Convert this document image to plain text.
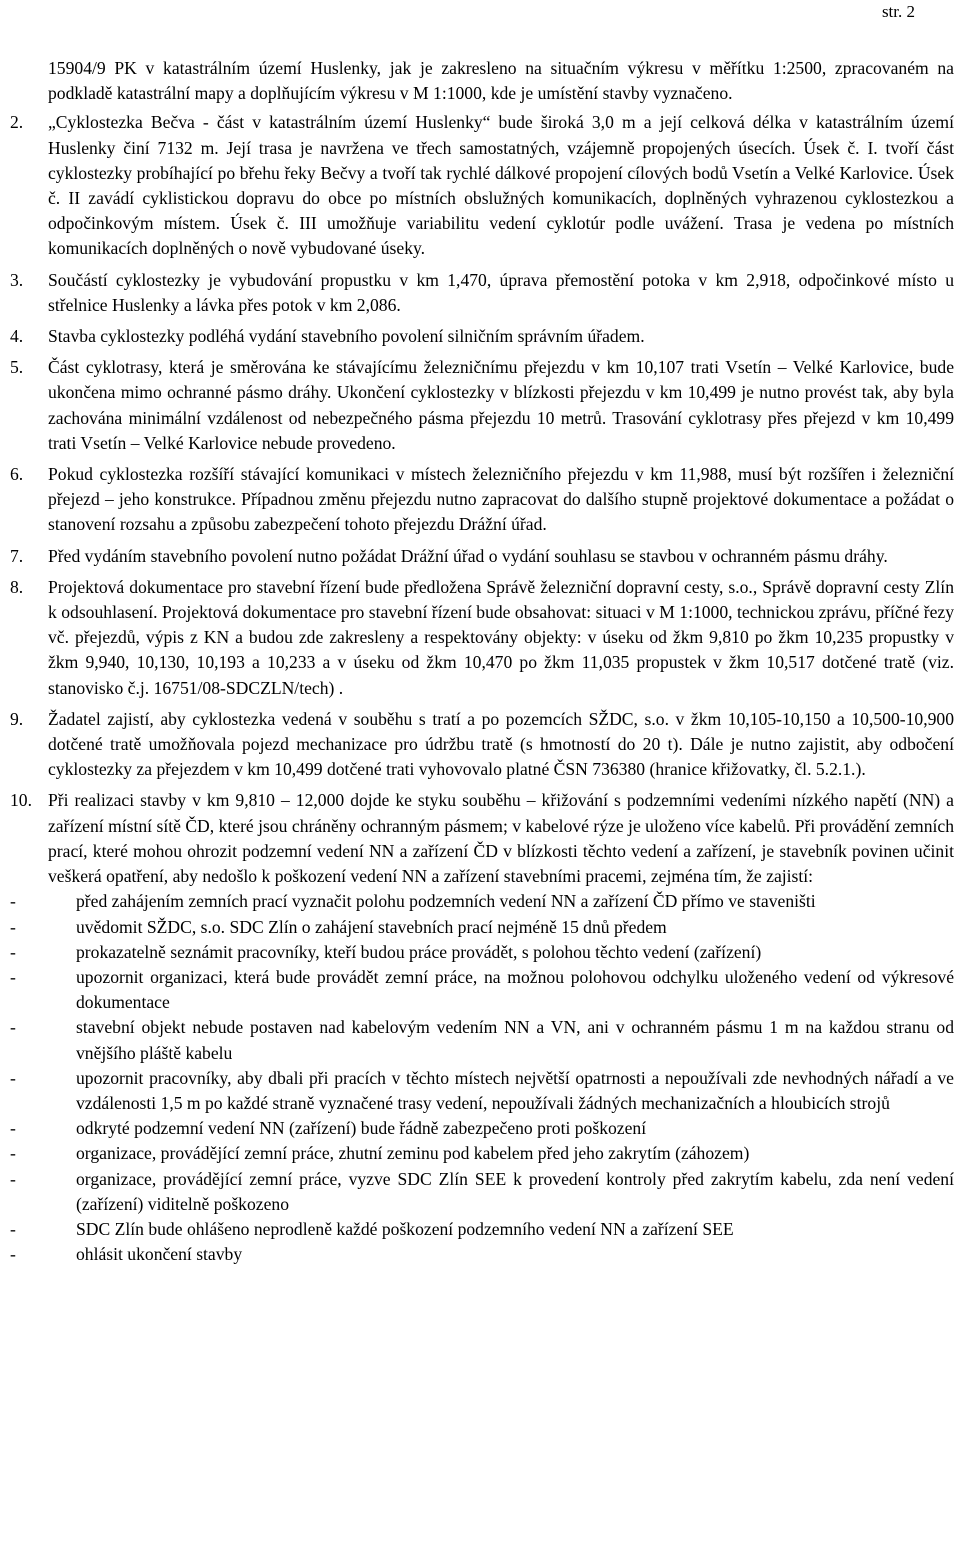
str. 2
15904/9 PK v katastrálním území Huslenky, jak je zakresleno na situačním výkresu v měřítku 1:2500, zpracovaném na podkladě katastrální mapy a doplňujícím výkresu v M 1:1000, kde je umístění stavby vyznačeno.
2. „Cyklostezka Bečva - část v katastrálním území Huslenky“ bude široká 3,0 m a její celková délka v katastrálním území Huslenky činí 7132 m. Její trasa je navržena ve třech samostatných, vzájemně propojených úsecích. Úsek č. I. tvoří část cyklostezky probíhající po břehu řeky Bečvy a tvoří tak rychlé dálkové propojení cílových bodů Vsetín a Velké Karlovice. Úsek č. II zavádí cyklistickou dopravu do obce po místních obslužných komunikacích, doplněných vyhrazenou cyklostezkou a odpočinkovým místem. Úsek č. III umožňuje variabilitu vedení cyklotúr podle uvážení. Trasa je vedena po místních komunikacích doplněných o nově vybudované úseky.
3. Součástí cyklostezky je vybudování propustku v km 1,470, úprava přemostění potoka v km 2,918, odpočinkové místo u střelnice Huslenky a lávka přes potok v km 2,086.
4. Stavba cyklostezky podléhá vydání stavebního povolení silničním správním úřadem.
5. Část cyklotrasy, která je směrována ke stávajícímu železničnímu přejezdu v km 10,107 trati Vsetín – Velké Karlovice, bude ukončena mimo ochranné pásmo dráhy. Ukončení cyklostezky v blízkosti přejezdu v km 10,499 je nutno provést tak, aby byla zachována minimální vzdálenost od nebezpečného pásma přejezdu 10 metrů. Trasování cyklotrasy přes přejezd v km 10,499 trati Vsetín – Velké Karlovice nebude provedeno.
6. Pokud cyklostezka rozšíří stávající komunikaci v místech železničního přejezdu v km 11,988, musí být rozšířen i železniční přejezd – jeho konstrukce. Případnou změnu přejezdu nutno zapracovat do dalšího stupně projektové dokumentace a požádat o stanovení rozsahu a způsobu zabezpečení tohoto přejezdu Drážní úřad.
7. Před vydáním stavebního povolení nutno požádat Drážní úřad o vydání souhlasu se stavbou v ochranném pásmu dráhy.
8. Projektová dokumentace pro stavební řízení bude předložena Správě železniční dopravní cesty, s.o., Správě dopravní cesty Zlín k odsouhlasení. Projektová dokumentace pro stavební řízení bude obsahovat: situaci v M 1:1000, technickou zprávu, příčné řezy vč. přejezdů, výpis z KN a budou zde zakresleny a respektovány objekty: v úseku od žkm 9,810 po žkm 10,235 propustky v žkm 9,940, 10,130, 10,193 a 10,233 a v úseku od žkm 10,470 po žkm 11,035 propustek v žkm 10,517 dotčené tratě (viz. stanovisko č.j. 16751/08-SDCZLN/tech) .
9. Žadatel zajistí, aby cyklostezka vedená v souběhu s tratí a po pozemcích SŽDC, s.o. v žkm 10,105-10,150 a 10,500-10,900 dotčené tratě umožňovala pojezd mechanizace pro údržbu tratě (s hmotností do 20 t). Dále je nutno zajistit, aby odbočení cyklostezky za přejezdem v km 10,499 dotčené trati vyhovovalo platné ČSN 736380 (hranice křižovatky, čl. 5.2.1.).
10. Při realizaci stavby v km 9,810 – 12,000 dojde ke styku souběhu – křižování s podzemními vedeními nízkého napětí (NN) a zařízení místní sítě ČD, které jsou chráněny ochranným pásmem; v kabelové rýze je uloženo více kabelů. Při provádění zemních prací, které mohou ohrozit podzemní vedení NN a zařízení ČD v blízkosti těchto vedení a zařízení, je stavebník povinen učinit veškerá opatření, aby nedošlo k poškození vedení NN a zařízení stavebními pracemi, zejména tím, že zajistí:
-	před zahájením zemních prací vyznačit polohu podzemních vedení NN a zařízení ČD přímo ve staveništi
-	uvědomit SŽDC, s.o. SDC Zlín o zahájení stavebních prací nejméně 15 dnů předem
-	prokazatelně seznámit pracovníky, kteří budou práce provádět, s polohou těchto vedení (zařízení)
-	upozornit organizaci, která bude provádět zemní práce, na možnou polohovou odchylku uloženého vedení od výkresové dokumentace
-	stavební objekt nebude postaven nad kabelovým vedením NN a VN, ani v ochranném pásmu 1 m na každou stranu od vnějšího pláště kabelu
-	upozornit pracovníky, aby dbali při pracích v těchto místech největší opatrnosti a nepoužívali zde nevhodných nářadí a ve vzdálenosti 1,5 m po každé straně vyznačené trasy vedení, nepoužívali žádných mechanizačních a hloubicích strojů
-	odkryté podzemní vedení NN (zařízení) bude řádně zabezpečeno proti poškození
-	organizace, provádějící zemní práce, zhutní zeminu pod kabelem před jeho zakrytím (záhozem)
-	organizace, provádějící zemní práce, vyzve SDC Zlín SEE k provedení kontroly před zakrytím kabelu, zda není vedení (zařízení) viditelně poškozeno
-	SDC Zlín bude ohlášeno neprodleně každé poškození podzemního vedení NN a zařízení SEE
-	ohlásit ukončení stavby
